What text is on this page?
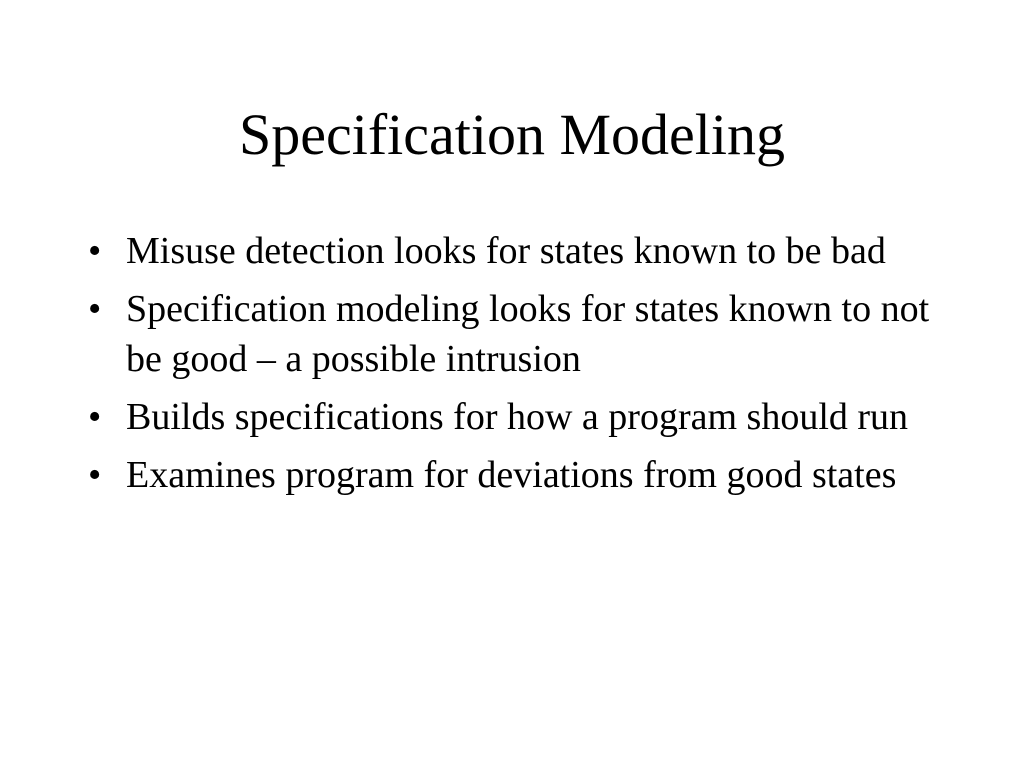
Specification Modeling
• Misuse detection looks for states known to be bad
• Specification modeling looks for states known to not be good – a possible intrusion
• Builds specifications for how a program should run
• Examines program for deviations from good states
